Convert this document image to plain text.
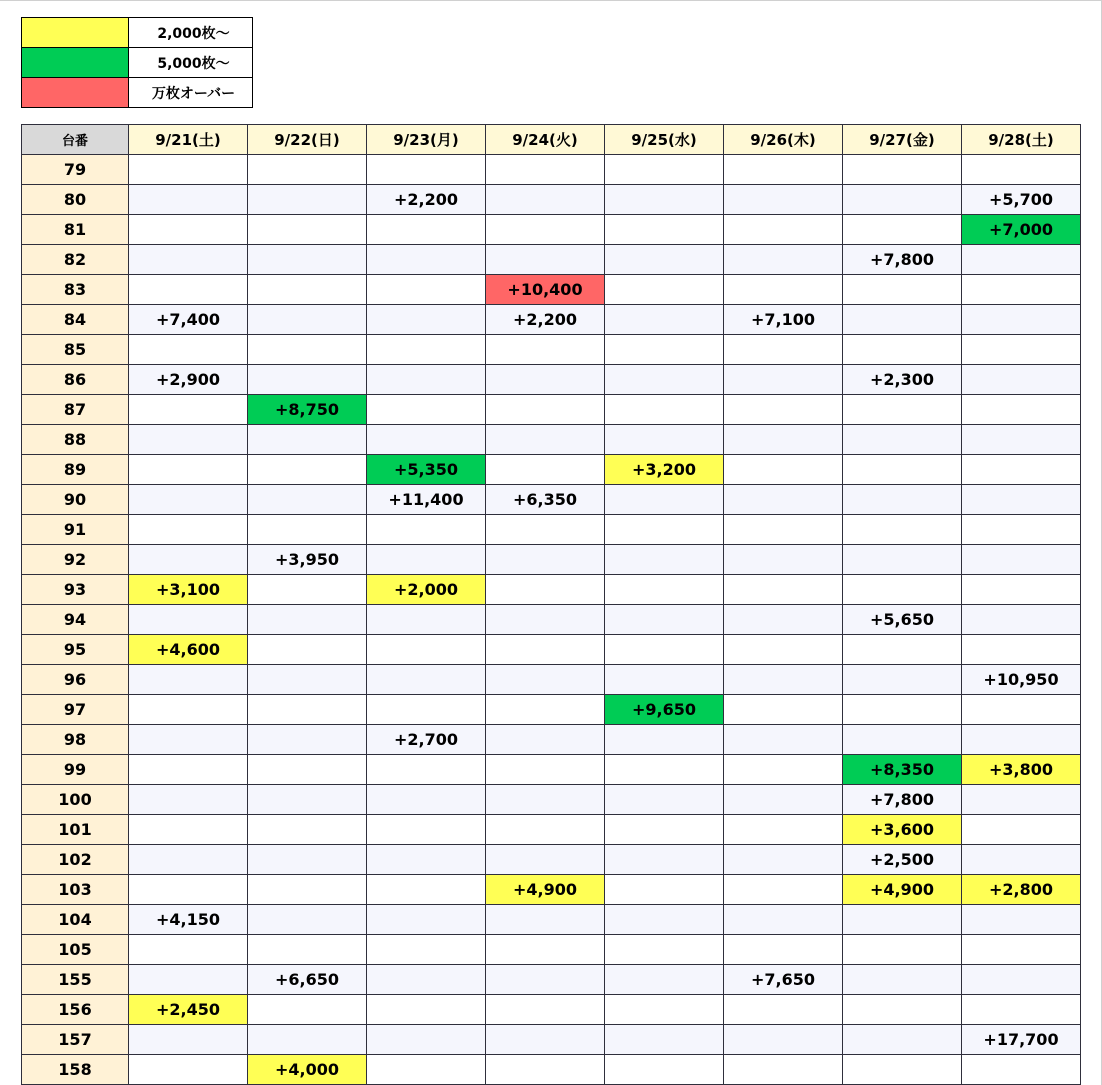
	2,000枚～
	5,000枚～
	万枚オーバー
台番	9/21(土)	9/22(日)	9/23(月)	9/24(火)	9/25(水)	9/26(木)	9/27(金)	9/28(土)
79								
80			+2,200					+5,700
81								+7,000
82							+7,800	
83				+10,400				
84	+7,400			+2,200		+7,100		
85								
86	+2,900						+2,300	
87		+8,750						
88								
89			+5,350		+3,200			
90			+11,400	+6,350				
91								
92		+3,950						
93	+3,100		+2,000					
94							+5,650	
95	+4,600							
96								+10,950
97					+9,650			
98			+2,700					
99							+8,350	+3,800
100							+7,800	
101							+3,600	
102							+2,500	
103				+4,900			+4,900	+2,800
104	+4,150							
105								
155		+6,650				+7,650		
156	+2,450							
157								+17,700
158		+4,000						
